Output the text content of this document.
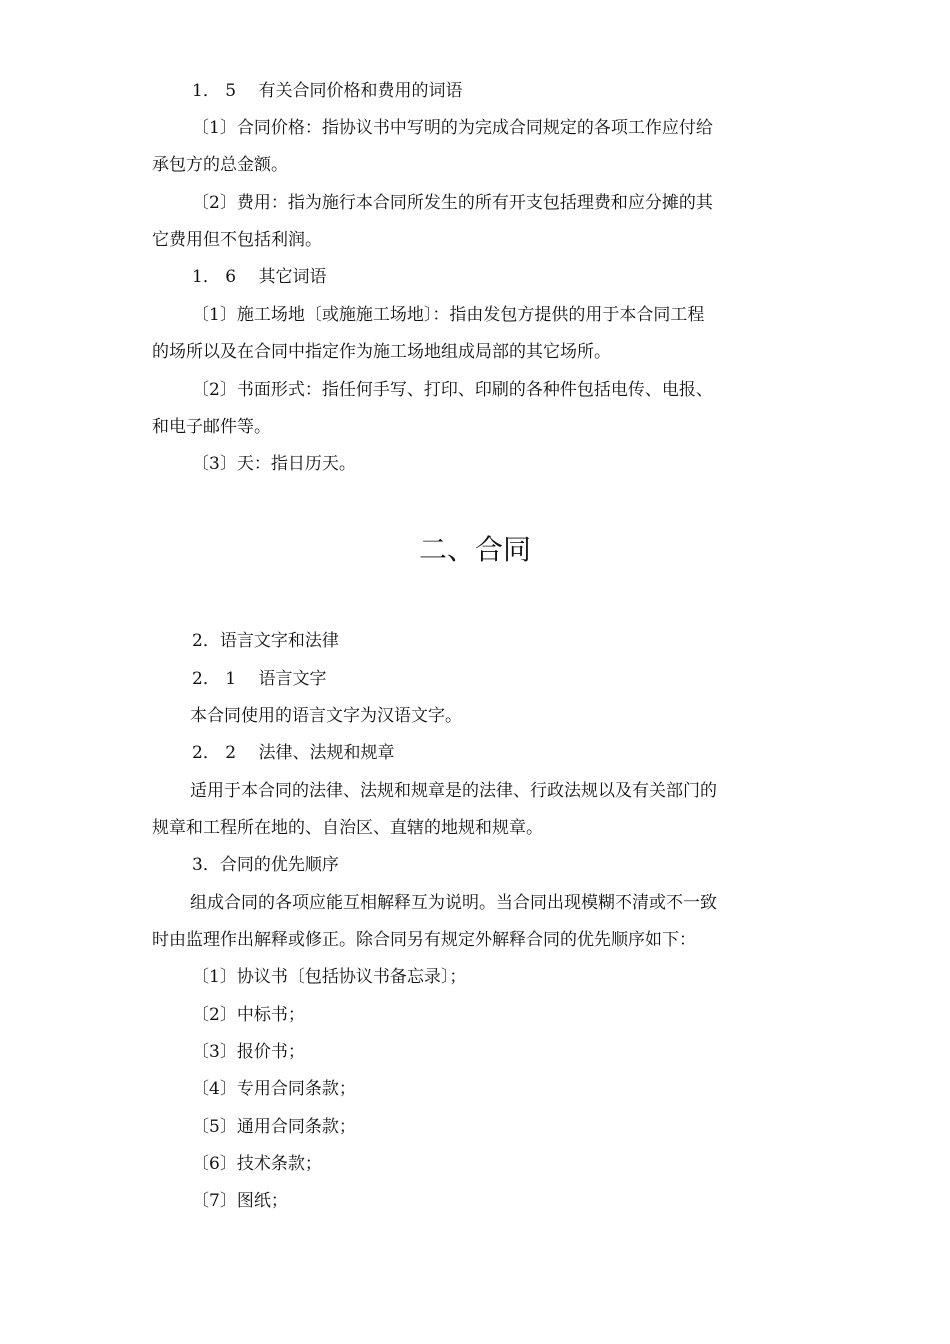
1． 5　 有关合同价格和费用的词语
〔1〕合同价格：指协议书中写明的为完成合同规定的各项工作应付给
承包方的总金额。
〔2〕费用：指为施行本合同所发生的所有开支包括理费和应分摊的其
它费用但不包括利润。
1． 6　 其它词语
〔1〕施工场地〔或施施工场地〕：指由发包方提供的用于本合同工程
的场所以及在合同中指定作为施工场地组成局部的其它场所。
〔2〕书面形式：指任何手写、打印、印刷的各种件包括电传、电报、
和电子邮件等。
〔3〕天：指日历天。
二、合同
2．语言文字和法律
2． 1　 语言文字
本合同使用的语言文字为汉语文字。
2． 2　 法律、法规和规章
适用于本合同的法律、法规和规章是的法律、行政法规以及有关部门的
规章和工程所在地的、自治区、直辖的地规和规章。
3．合同的优先顺序
组成合同的各项应能互相解释互为说明。当合同出现模糊不清或不一致
时由监理作出解释或修正。除合同另有规定外解释合同的优先顺序如下：
〔1〕协议书〔包括协议书备忘录〕；
〔2〕中标书；
〔3〕报价书；
〔4〕专用合同条款；
〔5〕通用合同条款；
〔6〕技术条款；
〔7〕图纸；
